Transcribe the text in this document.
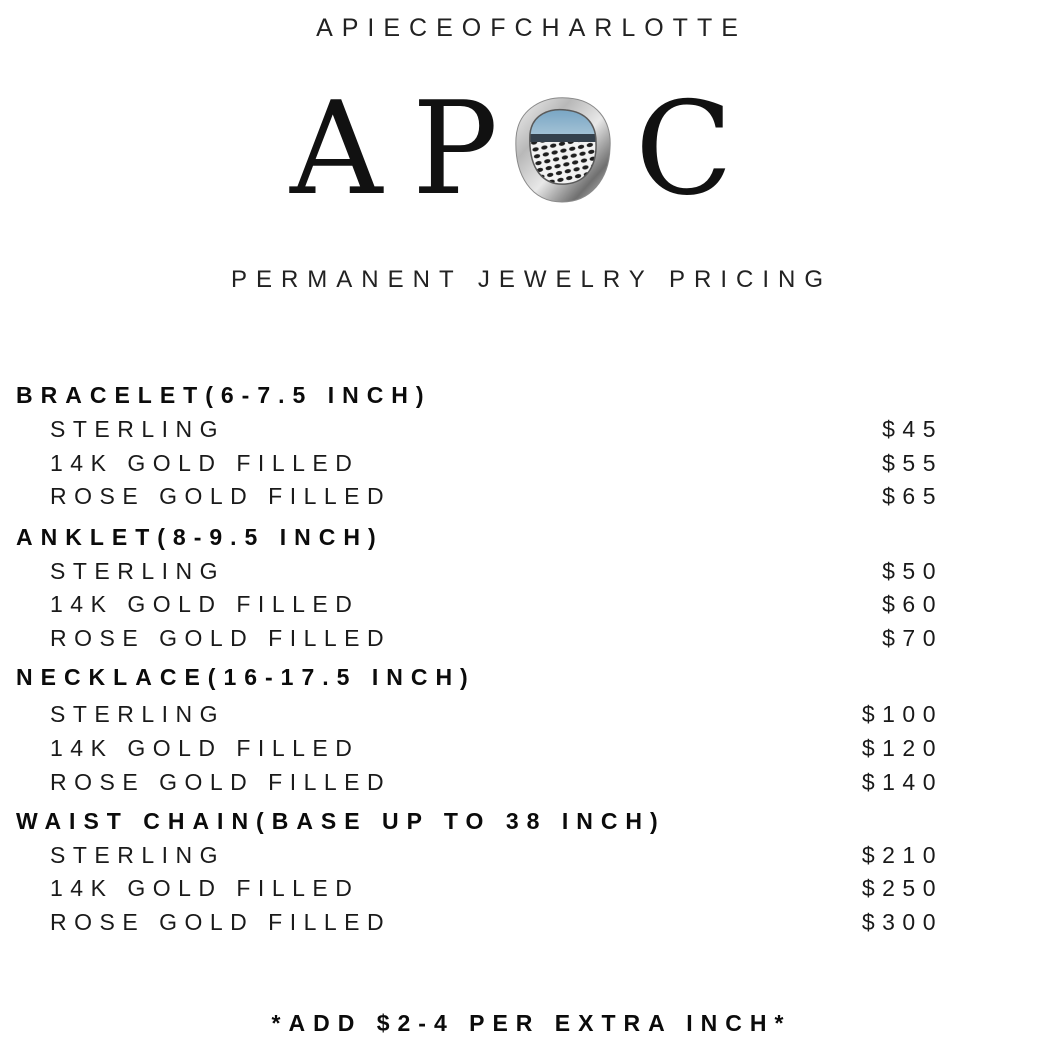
APIECEOFCHARLOTTE
A P C
PERMANENT JEWELRY PRICING
BRACELET(6-7.5 INCH)
STERLING	$45
14K GOLD FILLED	$55
ROSE GOLD FILLED	$65
ANKLET(8-9.5 INCH)
STERLING	$50
14K GOLD FILLED	$60
ROSE GOLD FILLED	$70
NECKLACE(16-17.5 INCH)
STERLING	$100
14K GOLD FILLED	$120
ROSE GOLD FILLED	$140
WAIST CHAIN(BASE UP TO 38 INCH)
STERLING	$210
14K GOLD FILLED	$250
ROSE GOLD FILLED	$300
*ADD $2-4 PER EXTRA INCH*
